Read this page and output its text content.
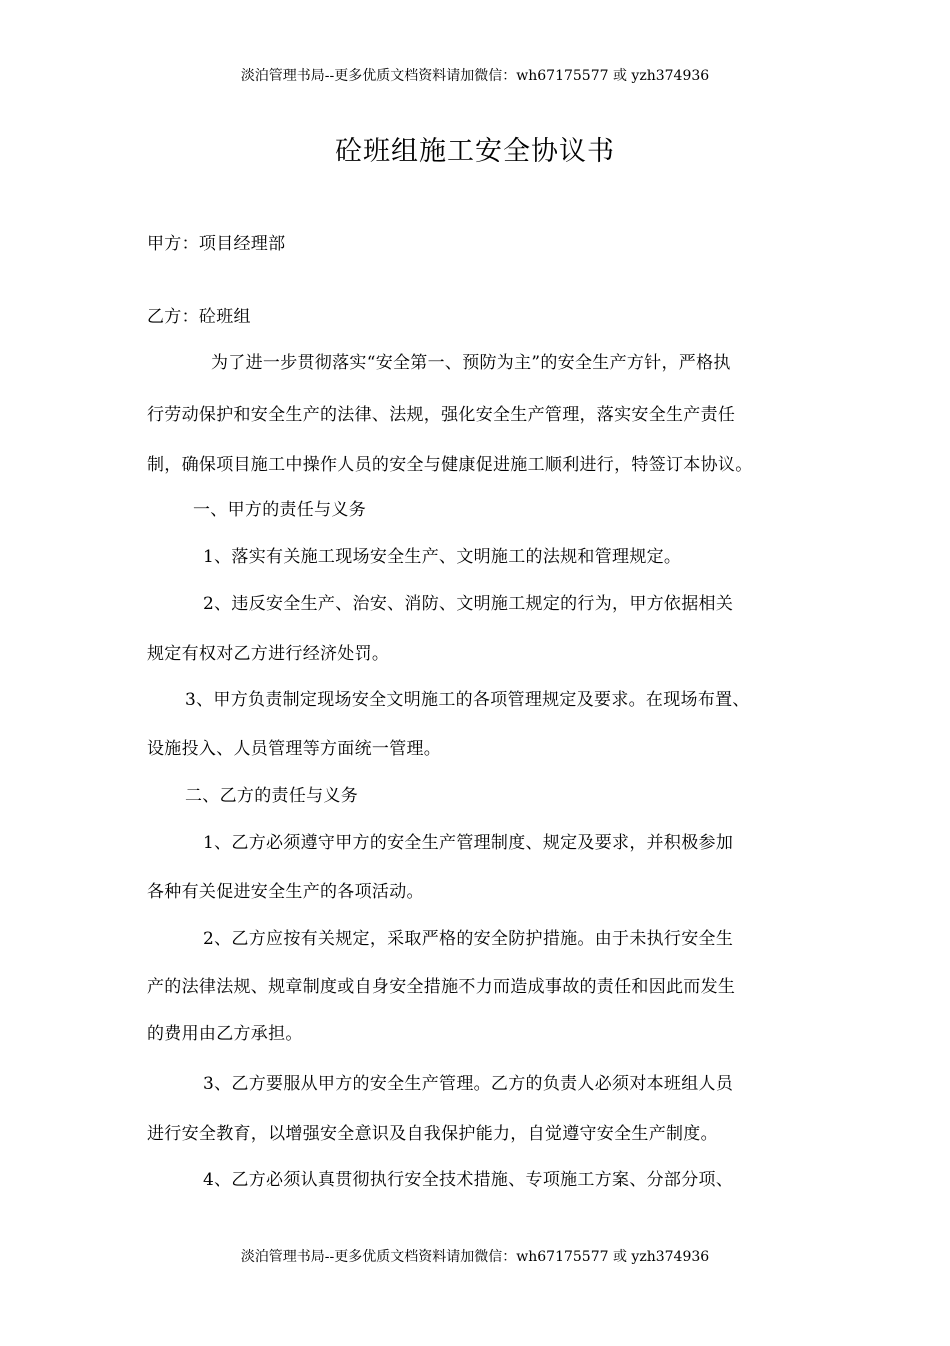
淡泊管理书局--更多优质文档资料请加微信：wh67175577 或 yzh374936
砼班组施工安全协议书
甲方：项目经理部
乙方：砼班组
为了进一步贯彻落实“安全第一、预防为主”的安全生产方针，严格执
行劳动保护和安全生产的法律、法规，强化安全生产管理，落实安全生产责任
制，确保项目施工中操作人员的安全与健康促进施工顺利进行，特签订本协议。
一、甲方的责任与义务
1、落实有关施工现场安全生产、文明施工的法规和管理规定。
2、违反安全生产、治安、消防、文明施工规定的行为，甲方依据相关
规定有权对乙方进行经济处罚。
3、甲方负责制定现场安全文明施工的各项管理规定及要求。在现场布置、
设施投入、人员管理等方面统一管理。
二、乙方的责任与义务
1、乙方必须遵守甲方的安全生产管理制度、规定及要求，并积极参加
各种有关促进安全生产的各项活动。
2、乙方应按有关规定，采取严格的安全防护措施。由于未执行安全生
产的法律法规、规章制度或自身安全措施不力而造成事故的责任和因此而发生
的费用由乙方承担。
3、乙方要服从甲方的安全生产管理。乙方的负责人必须对本班组人员
进行安全教育，以增强安全意识及自我保护能力，自觉遵守安全生产制度。
4、乙方必须认真贯彻执行安全技术措施、专项施工方案、分部分项、
淡泊管理书局--更多优质文档资料请加微信：wh67175577 或 yzh374936
